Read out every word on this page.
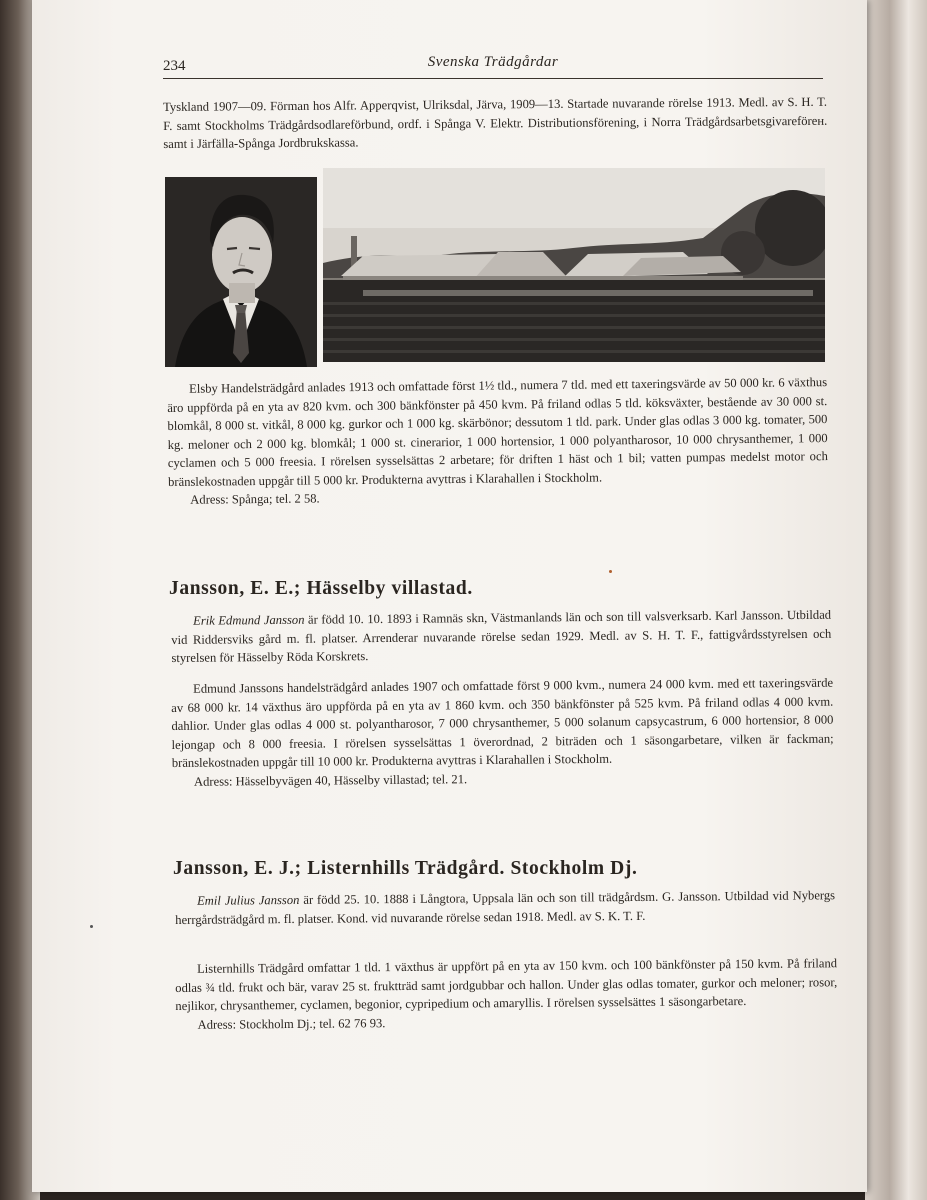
234	Svenska Trädgårdar
Tyskland 1907—09. Förman hos Alfr. Apperqvist, Ulriksdal, Järva, 1909—13. Startade nuvarande rörelse 1913. Medl. av S. H. T. F. samt Stockholms Trädgårdsodlareförbund, ordf. i Spånga V. Elektr. Distributionsförening, i Norra Trädgårdsarbetsgivareförен. samt i Järfälla-Spånga Jordbrukskassa.
Elsby Handelsträdgård anlades 1913 och omfattade först 1½ tld., numera 7 tld. med ett taxeringsvärde av 50 000 kr. 6 växthus äro uppförda på en yta av 820 kvm. och 300 bänkfönster på 450 kvm. På friland odlas 5 tld. köksväxter, bestående av 30 000 st. blomkål, 8 000 st. vitkål, 8 000 kg. gurkor och 1 000 kg. skärbönor; dessutom 1 tld. park. Under glas odlas 3 000 kg. tomater, 500 kg. meloner och 2 000 kg. blomkål; 1 000 st. cinerarior, 1 000 hortensior, 1 000 polyantharosor, 10 000 chrysanthemer, 1 000 cyclamen och 5 000 freesia. I rörelsen sysselsättas 2 arbetare; för driften 1 häst och 1 bil; vatten pumpas medelst motor och bränslekostnaden uppgår till 5 000 kr. Produkterna avyttras i Klarahallen i Stockholm.
Adress: Spånga; tel. 2 58.
Jansson, E. E.; Hässelby villastad.
Erik Edmund Jansson är född 10. 10. 1893 i Ramnäs skn, Västmanlands län och son till valsverksarb. Karl Jansson. Utbildad vid Riddersviks gård m. fl. platser. Arrenderar nuvarande rörelse sedan 1929. Medl. av S. H. T. F., fattigvårdsstyrelsen och styrelsen för Hässelby Röda Korskrets.
Edmund Janssons handelsträdgård anlades 1907 och omfattade först 9 000 kvm., numera 24 000 kvm. med ett taxeringsvärde av 68 000 kr. 14 växthus äro uppförda på en yta av 1 860 kvm. och 350 bänkfönster på 525 kvm. På friland odlas 4 000 kvm. dahlior. Under glas odlas 4 000 st. polyantharosor, 7 000 chrysanthemer, 5 000 solanum capsycastrum, 6 000 hortensior, 8 000 lejongap och 8 000 freesia. I rörelsen sysselsättas 1 överordnad, 2 biträden och 1 säsongarbetare, vilken är fackman; bränslekostnaden uppgår till 10 000 kr. Produkterna avyttras i Klarahallen i Stockholm.
Adress: Hässelbyvägen 40, Hässelby villastad; tel. 21.
Jansson, E. J.; Listernhills Trädgård. Stockholm Dj.
Emil Julius Jansson är född 25. 10. 1888 i Långtora, Uppsala län och son till trädgårdsm. G. Jansson. Utbildad vid Nybergs herrgårdsträdgård m. fl. platser. Kond. vid nuvarande rörelse sedan 1918. Medl. av S. K. T. F.
Listernhills Trädgård omfattar 1 tld. 1 växthus är uppfört på en yta av 150 kvm. och 100 bänkfönster på 150 kvm. På friland odlas ¾ tld. frukt och bär, varav 25 st. fruktträd samt jordgubbar och hallon. Under glas odlas tomater, gurkor och meloner; rosor, nejlikor, chrysanthemer, cyclamen, begonior, cypripedium och amaryllis. I rörelsen sysselsättes 1 säsongarbetare.
Adress: Stockholm Dj.; tel. 62 76 93.
